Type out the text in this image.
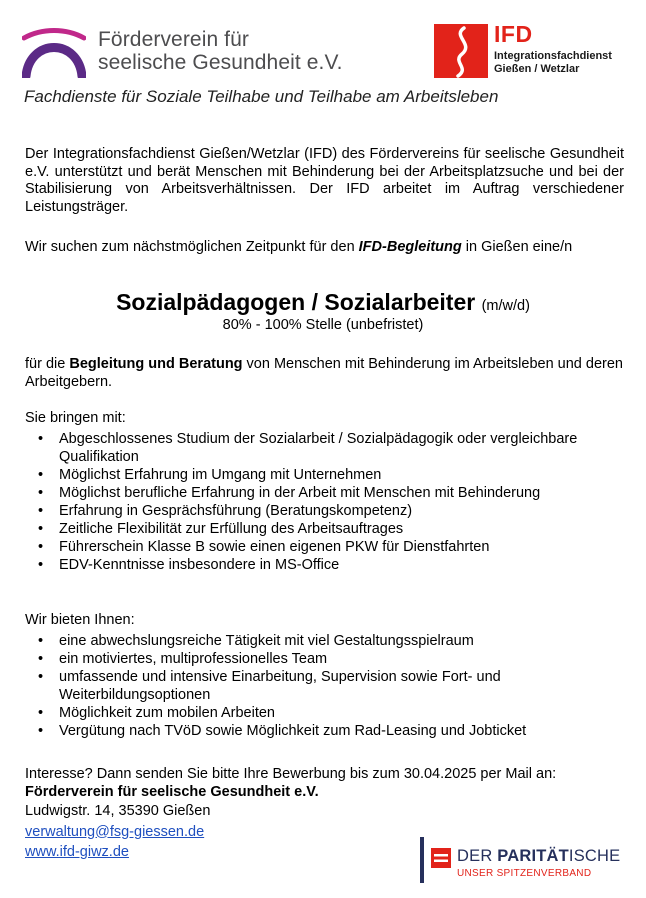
Förderverein für
seelische Gesundheit e.V.
IFD
Integrationsfachdienst
Gießen / Wetzlar
Fachdienste für Soziale Teilhabe und Teilhabe am Arbeitsleben
Der Integrationsfachdienst Gießen/Wetzlar (IFD) des Fördervereins für seelische Gesundheit e.V. unterstützt und berät Menschen mit Behinderung bei der Arbeitsplatzsuche und bei der Stabilisierung von Arbeitsverhältnissen. Der IFD arbeitet im Auftrag verschiedener Leistungsträger.
Wir suchen zum nächstmöglichen Zeitpunkt für den IFD-Begleitung in Gießen eine/n
Sozialpädagogen / Sozialarbeiter (m/w/d)
80% - 100% Stelle (unbefristet)
für die Begleitung und Beratung von Menschen mit Behinderung im Arbeitsleben und deren Arbeitgebern.
Sie bringen mit:
• Abgeschlossenes Studium der Sozialarbeit / Sozialpädagogik oder vergleichbare Qualifikation
• Möglichst Erfahrung im Umgang mit Unternehmen
• Möglichst berufliche Erfahrung in der Arbeit mit Menschen mit Behinderung
• Erfahrung in Gesprächsführung (Beratungskompetenz)
• Zeitliche Flexibilität zur Erfüllung des Arbeitsauftrages
• Führerschein Klasse B sowie einen eigenen PKW für Dienstfahrten
• EDV-Kenntnisse insbesondere in MS-Office
Wir bieten Ihnen:
• eine abwechslungsreiche Tätigkeit mit viel Gestaltungsspielraum
• ein motiviertes, multiprofessionelles Team
• umfassende und intensive Einarbeitung, Supervision sowie Fort- und Weiterbildungsoptionen
• Möglichkeit zum mobilen Arbeiten
• Vergütung nach TVöD sowie Möglichkeit zum Rad-Leasing und Jobticket
Interesse? Dann senden Sie bitte Ihre Bewerbung bis zum 30.04.2025 per Mail an:
Förderverein für seelische Gesundheit e.V.
Ludwigstr. 14, 35390 Gießen
verwaltung@fsg-giessen.de
www.ifd-giwz.de	DER PARITÄTISCHE
UNSER SPITZENVERBAND
